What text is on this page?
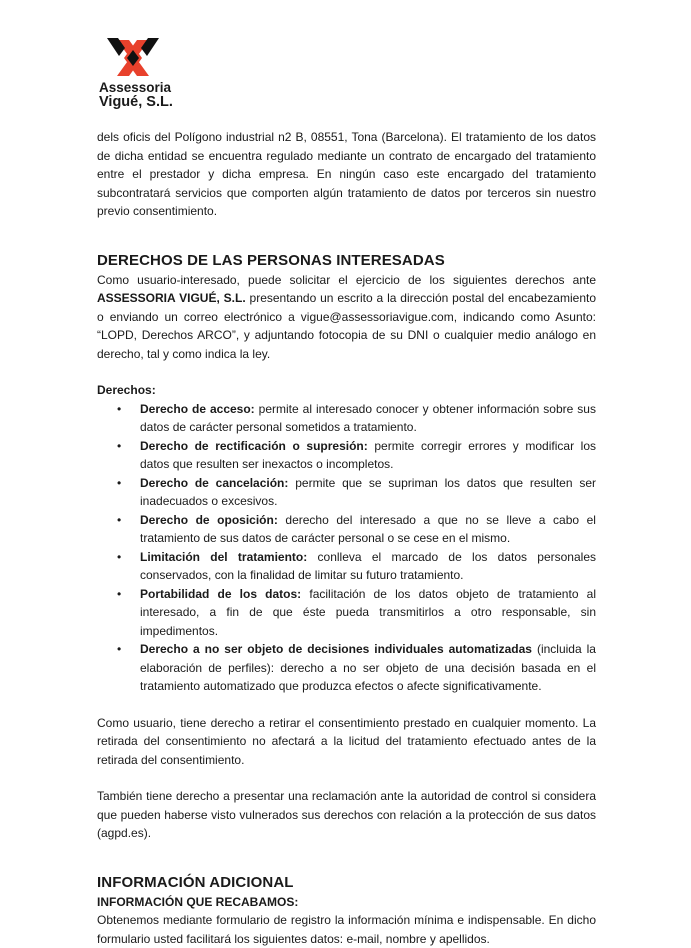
Assessoria
Vigué, S.L.

dels oficis del Polígono industrial n2 B, 08551, Tona (Barcelona). El tratamiento de los datos de dicha entidad se encuentra regulado mediante un contrato de encargado del tratamiento entre el prestador y dicha empresa. En ningún caso este encargado del tratamiento subcontratará servicios que comporten algún tratamiento de datos por terceros sin nuestro previo consentimiento.

DERECHOS DE LAS PERSONAS INTERESADAS

Como usuario-interesado, puede solicitar el ejercicio de los siguientes derechos ante ASSESSORIA VIGUÉ, S.L. presentando un escrito a la dirección postal del encabezamiento o enviando un correo electrónico a vigue@assessoriavigue.com, indicando como Asunto: “LOPD, Derechos ARCO”, y adjuntando fotocopia de su DNI o cualquier medio análogo en derecho, tal y como indica la ley.

Derechos:

• Derecho de acceso: permite al interesado conocer y obtener información sobre sus datos de carácter personal sometidos a tratamiento.
• Derecho de rectificación o supresión: permite corregir errores y modificar los datos que resulten ser inexactos o incompletos.
• Derecho de cancelación: permite que se supriman los datos que resulten ser inadecuados o excesivos.
• Derecho de oposición: derecho del interesado a que no se lleve a cabo el tratamiento de sus datos de carácter personal o se cese en el mismo.
• Limitación del tratamiento: conlleva el marcado de los datos personales conservados, con la finalidad de limitar su futuro tratamiento.
• Portabilidad de los datos: facilitación de los datos objeto de tratamiento al interesado, a fin de que éste pueda transmitirlos a otro responsable, sin impedimentos.
• Derecho a no ser objeto de decisiones individuales automatizadas (incluida la elaboración de perfiles): derecho a no ser objeto de una decisión basada en el tratamiento automatizado que produzca efectos o afecte significativamente.

Como usuario, tiene derecho a retirar el consentimiento prestado en cualquier momento. La retirada del consentimiento no afectará a la licitud del tratamiento efectuado antes de la retirada del consentimiento.

También tiene derecho a presentar una reclamación ante la autoridad de control si considera que pueden haberse visto vulnerados sus derechos con relación a la protección de sus datos (agpd.es).

INFORMACIÓN ADICIONAL

INFORMACIÓN QUE RECABAMOS:

Obtenemos mediante formulario de registro la información mínima e indispensable. En dicho formulario usted facilitará los siguientes datos: e-mail, nombre y apellidos.
